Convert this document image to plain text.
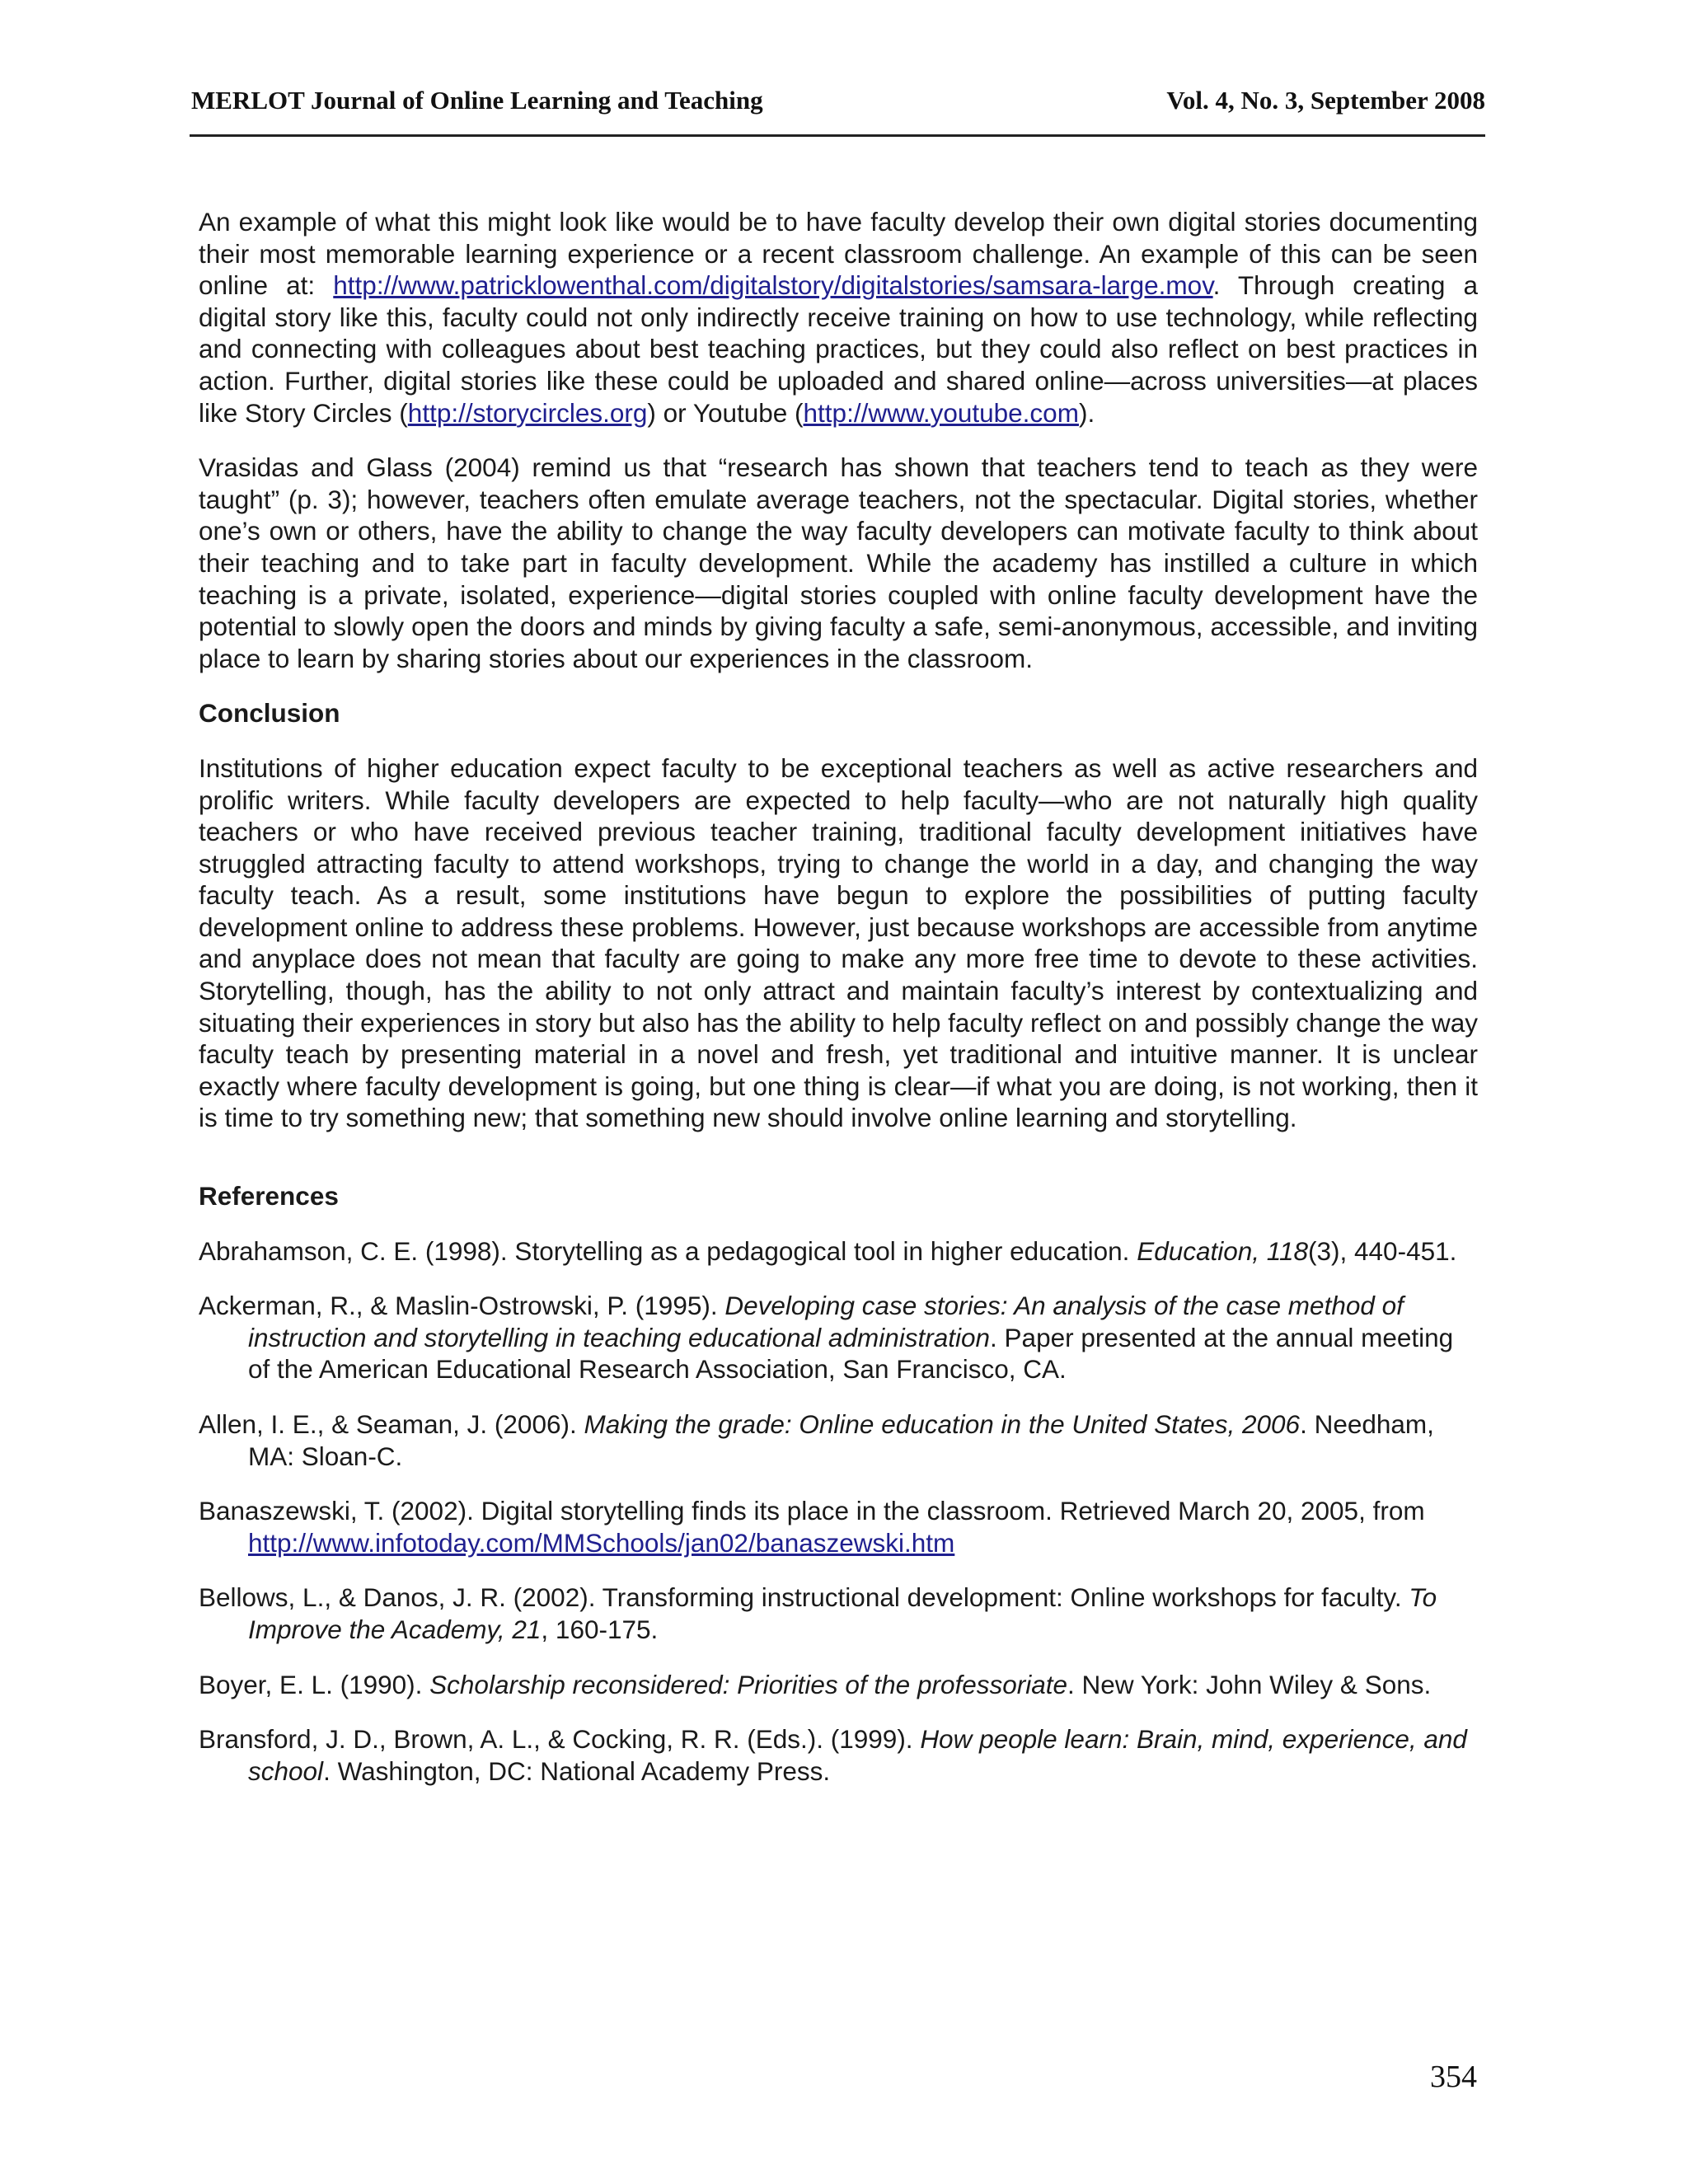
MERLOT Journal of Online Learning and Teaching	Vol. 4, No. 3, September 2008

An example of what this might look like would be to have faculty develop their own digital stories documenting their most memorable learning experience or a recent classroom challenge. An example of this can be seen online at: http://www.patricklowenthal.com/digitalstory/digitalstories/samsara-large.mov. Through creating a digital story like this, faculty could not only indirectly receive training on how to use technology, while reflecting and connecting with colleagues about best teaching practices, but they could also reflect on best practices in action. Further, digital stories like these could be uploaded and shared online—across universities—at places like Story Circles (http://storycircles.org) or Youtube (http://www.youtube.com).

Vrasidas and Glass (2004) remind us that “research has shown that teachers tend to teach as they were taught” (p. 3); however, teachers often emulate average teachers, not the spectacular. Digital stories, whether one’s own or others, have the ability to change the way faculty developers can motivate faculty to think about their teaching and to take part in faculty development. While the academy has instilled a culture in which teaching is a private, isolated, experience—digital stories coupled with online faculty development have the potential to slowly open the doors and minds by giving faculty a safe, semi-anonymous, accessible, and inviting place to learn by sharing stories about our experiences in the classroom.

Conclusion

Institutions of higher education expect faculty to be exceptional teachers as well as active researchers and prolific writers. While faculty developers are expected to help faculty—who are not naturally high quality teachers or who have received previous teacher training, traditional faculty development initiatives have struggled attracting faculty to attend workshops, trying to change the world in a day, and changing the way faculty teach. As a result, some institutions have begun to explore the possibilities of putting faculty development online to address these problems. However, just because workshops are accessible from anytime and anyplace does not mean that faculty are going to make any more free time to devote to these activities. Storytelling, though, has the ability to not only attract and maintain faculty’s interest by contextualizing and situating their experiences in story but also has the ability to help faculty reflect on and possibly change the way faculty teach by presenting material in a novel and fresh, yet traditional and intuitive manner. It is unclear exactly where faculty development is going, but one thing is clear—if what you are doing, is not working, then it is time to try something new; that something new should involve online learning and storytelling.

References
Abrahamson, C. E. (1998). Storytelling as a pedagogical tool in higher education. Education, 118(3), 440-451.
Ackerman, R., & Maslin-Ostrowski, P. (1995). Developing case stories: An analysis of the case method of instruction and storytelling in teaching educational administration. Paper presented at the annual meeting of the American Educational Research Association, San Francisco, CA.
Allen, I. E., & Seaman, J. (2006). Making the grade: Online education in the United States, 2006. Needham, MA: Sloan-C.
Banaszewski, T. (2002). Digital storytelling finds its place in the classroom. Retrieved March 20, 2005, from http://www.infotoday.com/MMSchools/jan02/banaszewski.htm
Bellows, L., & Danos, J. R. (2002). Transforming instructional development: Online workshops for faculty. To Improve the Academy, 21, 160-175.
Boyer, E. L. (1990). Scholarship reconsidered: Priorities of the professoriate. New York: John Wiley & Sons.
Bransford, J. D., Brown, A. L., & Cocking, R. R. (Eds.). (1999). How people learn: Brain, mind, experience, and school. Washington, DC: National Academy Press.
354
